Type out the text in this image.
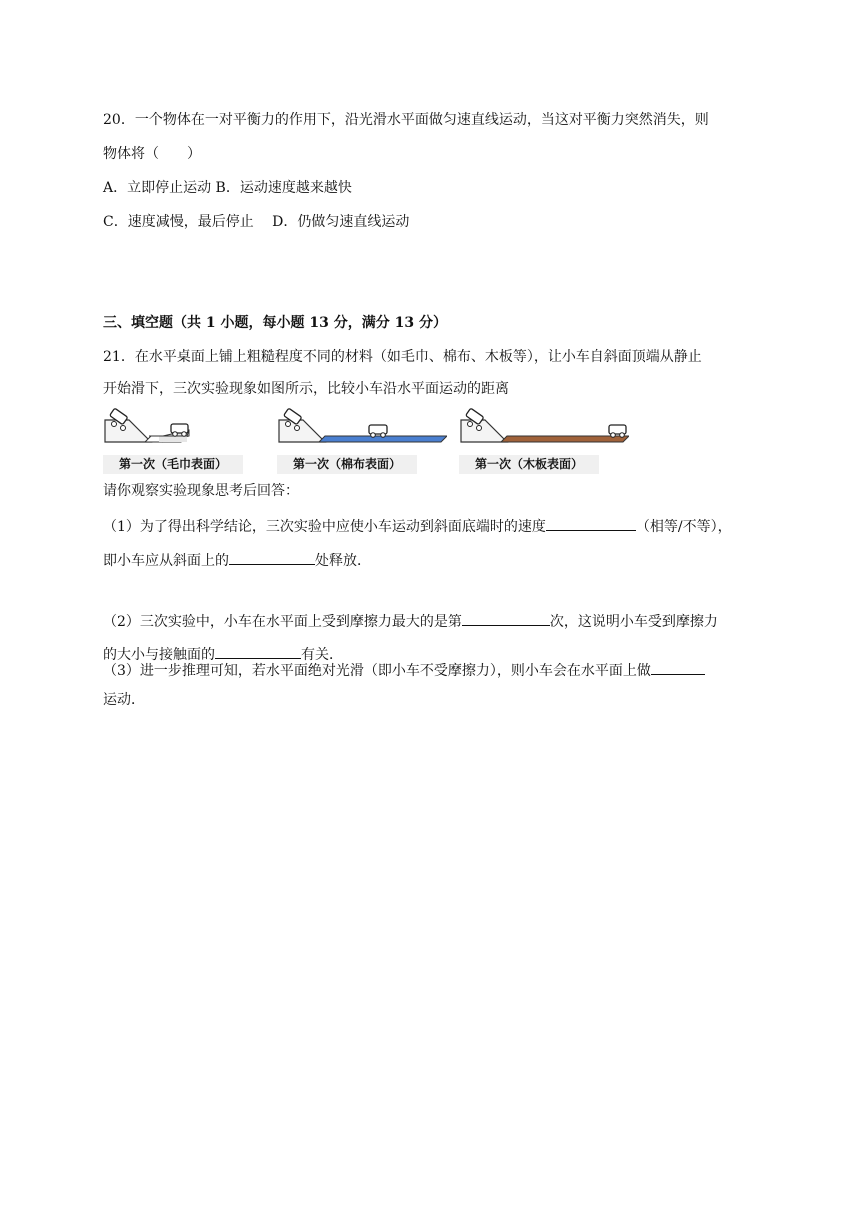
20．一个物体在一对平衡力的作用下，沿光滑水平面做匀速直线运动，当这对平衡力突然消失，则
物体将（　　）
A．立即停止运动 B．运动速度越来越快
C．速度减慢，最后停止　 D．仍做匀速直线运动
三、填空题（共 1 小题，每小题 13 分，满分 13 分）
21．在水平桌面上铺上粗糙程度不同的材料（如毛巾、棉布、木板等），让小车自斜面顶端从静止
开始滑下，三次实验现象如图所示，比较小车沿水平面运动的距离
第一次（毛巾表面）	第一次（棉布表面）	第一次（木板表面）
请你观察实验现象思考后回答：
（1）为了得出科学结论，三次实验中应使小车运动到斜面底端时的速度	（相等/不等），
即小车应从斜面上的	处释放．
（2）三次实验中，小车在水平面上受到摩擦力最大的是第	次，这说明小车受到摩擦力
的大小与接触面的	有关．
（3）进一步推理可知，若水平面绝对光滑（即小车不受摩擦力），则小车会在水平面上做
运动．
